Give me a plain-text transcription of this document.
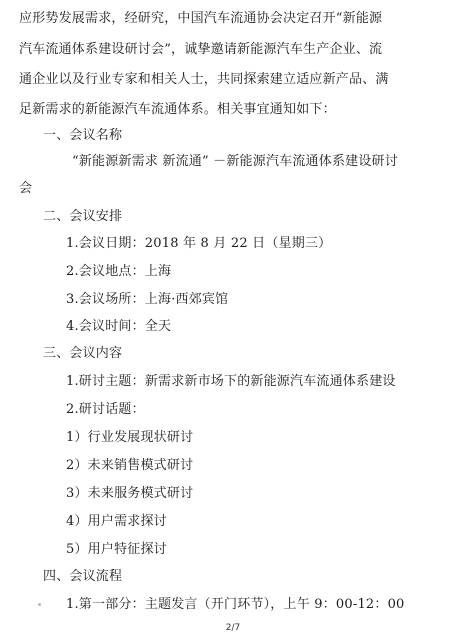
应形势发展需求，经研究，中国汽车流通协会决定召开“新能源
汽车流通体系建设研讨会”，诚挚邀请新能源汽车生产企业、流
通企业以及行业专家和相关人士，共同探索建立适应新产品、满
足新需求的新能源汽车流通体系。相关事宜通知如下：
一、会议名称
“新能源新需求 新流通” －新能源汽车流通体系建设研讨
会
二、会议安排
1.会议日期：2018 年 8 月 22 日（星期三）
2.会议地点：上海
3.会议场所：上海·西郊宾馆
4.会议时间：全天
三、会议内容
1.研讨主题：新需求新市场下的新能源汽车流通体系建设
2.研讨话题：
1）行业发展现状研讨
2）未来销售模式研讨
3）未来服务模式研讨
4）用户需求探讨
5）用户特征探讨
四、会议流程
1.第一部分：主题发言（开门环节），上午 9：00-12：00
2/7
